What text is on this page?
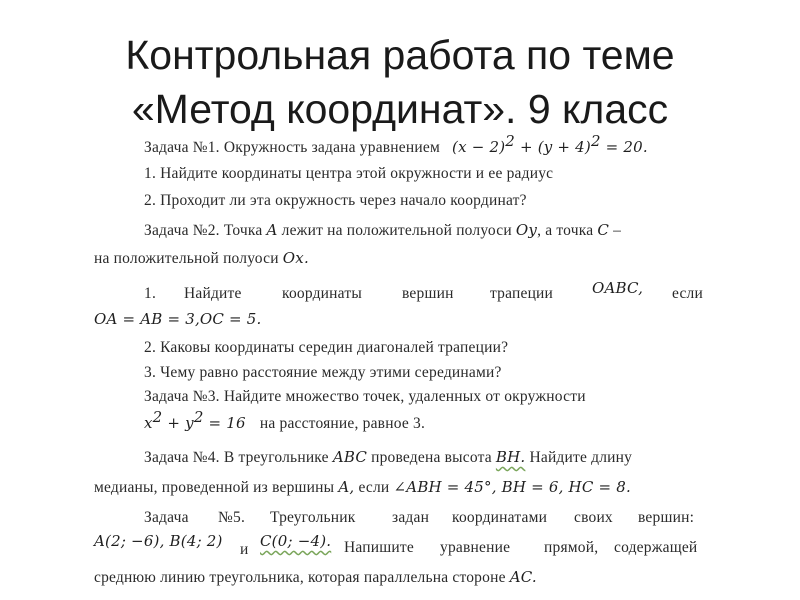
Контрольная работа по теме
«Метод координат». 9 класс
Задача №1. Окружность задана уравнением (x − 2)2 + (y + 4)2 = 20.
1. Найдите координаты центра этой окружности и ее радиус
2. Проходит ли эта окружность через начало координат?
Задача №2. Точка A лежит на положительной полуоси Oy, а точка C –
на положительной полуоси Ox.
1. Найдите	координаты	вершин трапеции	OABC, если
OA = AB = 3,OC = 5.
2. Каковы координаты середин диагоналей трапеции?
3. Чему равно расстояние между этими серединами?
Задача №3. Найдите множество точек, удаленных от окружности
x2 + y2 = 16 на расстояние, равное 3.
Задача №4. В треугольнике ABC проведена высота BH. Найдите длину
медианы, проведенной из вершины A, если ∠ABH = 45°, BH = 6, HC = 8.
Задача №5. Треугольник задан координатами своих вершин:
A(2; −6), B(4; 2) и C(0; −4). Напишите уравнение прямой, содержащей
среднюю линию треугольника, которая параллельна стороне AC.
